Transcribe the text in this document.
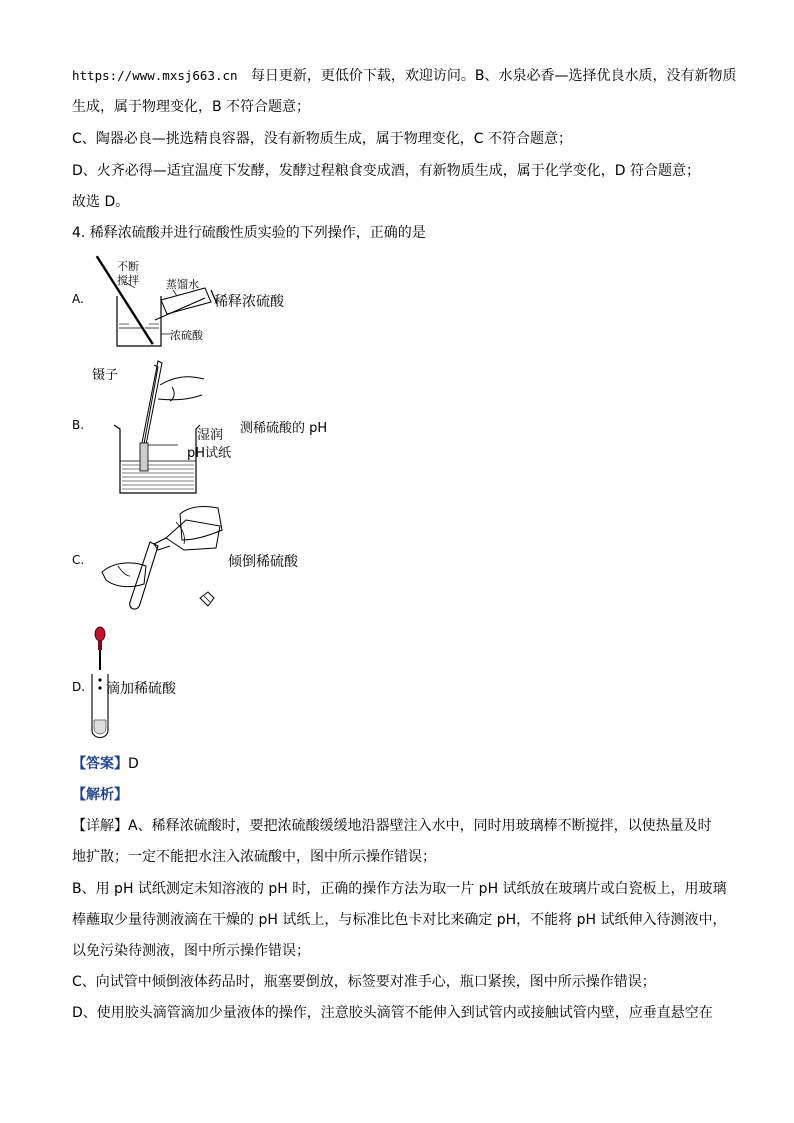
https://www.mxsj663.cn 每日更新，更低价下载，欢迎访问。B、水泉必香—选择优良水质，没有新物质
生成，属于物理变化，B 不符合题意；
C、陶器必良—挑选精良容器，没有新物质生成，属于物理变化，C 不符合题意；
D、火齐必得—适宜温度下发酵，发酵过程粮食变成酒，有新物质生成，属于化学变化，D 符合题意；
故选 D。
4. 稀释浓硫酸并进行硫酸性质实验的下列操作，正确的是
A.
不断
搅拌 蒸馏水
浓硫酸
稀释浓硫酸
B.
镊子
湿润
pH试纸
测稀硫酸的 pH
C.	倾倒稀硫酸
D. 滴加稀硫酸
【答案】D
【解析】
【详解】A、稀释浓硫酸时，要把浓硫酸缓缓地沿器壁注入水中，同时用玻璃棒不断搅拌，以使热量及时
地扩散；一定不能把水注入浓硫酸中，图中所示操作错误；
B、用 pH 试纸测定未知溶液的 pH 时，正确的操作方法为取一片 pH 试纸放在玻璃片或白瓷板上，用玻璃
棒蘸取少量待测液滴在干燥的 pH 试纸上，与标准比色卡对比来确定 pH，不能将 pH 试纸伸入待测液中，
以免污染待测液，图中所示操作错误；
C、向试管中倾倒液体药品时，瓶塞要倒放，标签要对准手心，瓶口紧挨，图中所示操作错误；
D、使用胶头滴管滴加少量液体的操作，注意胶头滴管不能伸入到试管内或接触试管内壁，应垂直悬空在
